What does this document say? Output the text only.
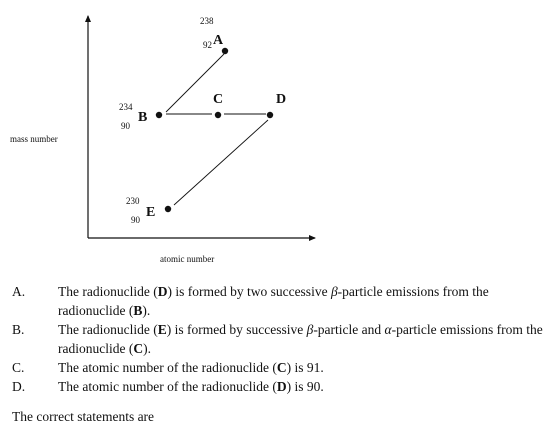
mass number
atomic number
238
92 A
234
90
B
C	D
230
90 E
A. The radionuclide (D) is formed by two successive β-particle emissions from the radionuclide (B).
B. The radionuclide (E) is formed by successive β-particle and α-particle emissions from the radionuclide (C).
C. The atomic number of the radionuclide (C) is 91.
D. The atomic number of the radionuclide (D) is 90.
The correct statements are
